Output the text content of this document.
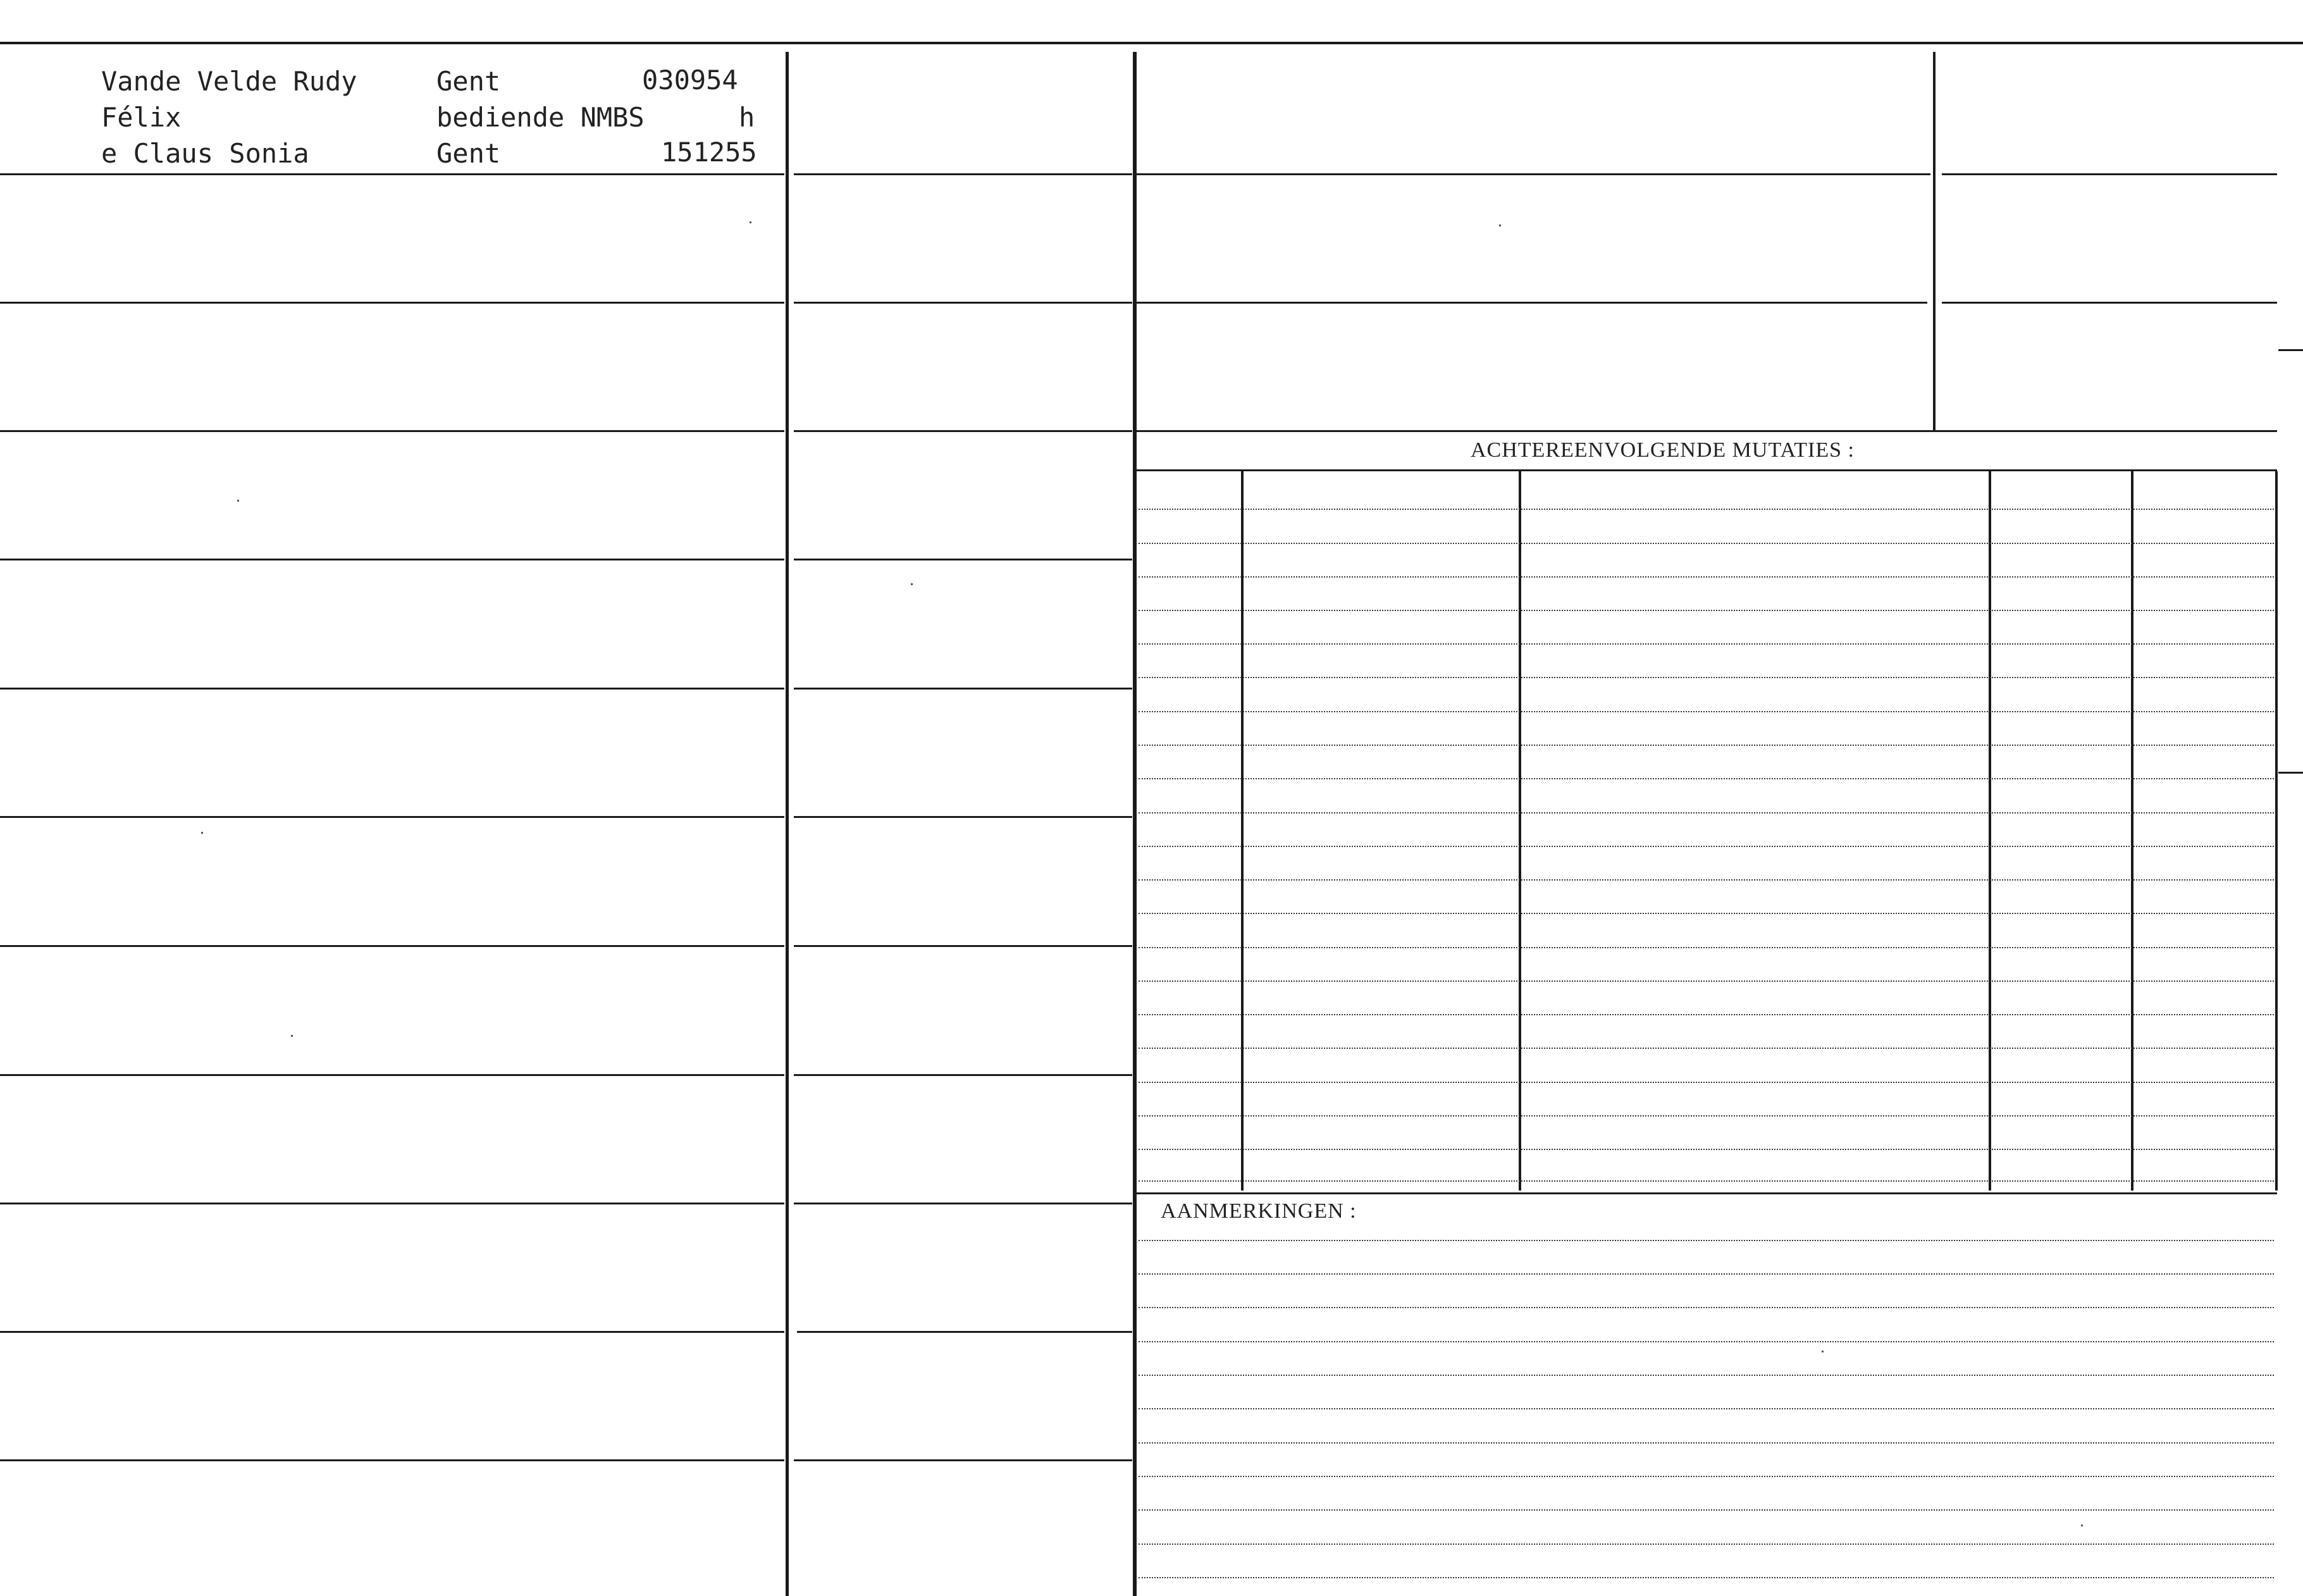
Vande Velde Rudy	Gent	030954
Félix	bediende NMBS	h
e Claus Sonia	Gent	151255
ACHTEREENVOLGENDE MUTATIES :
AANMERKINGEN :
